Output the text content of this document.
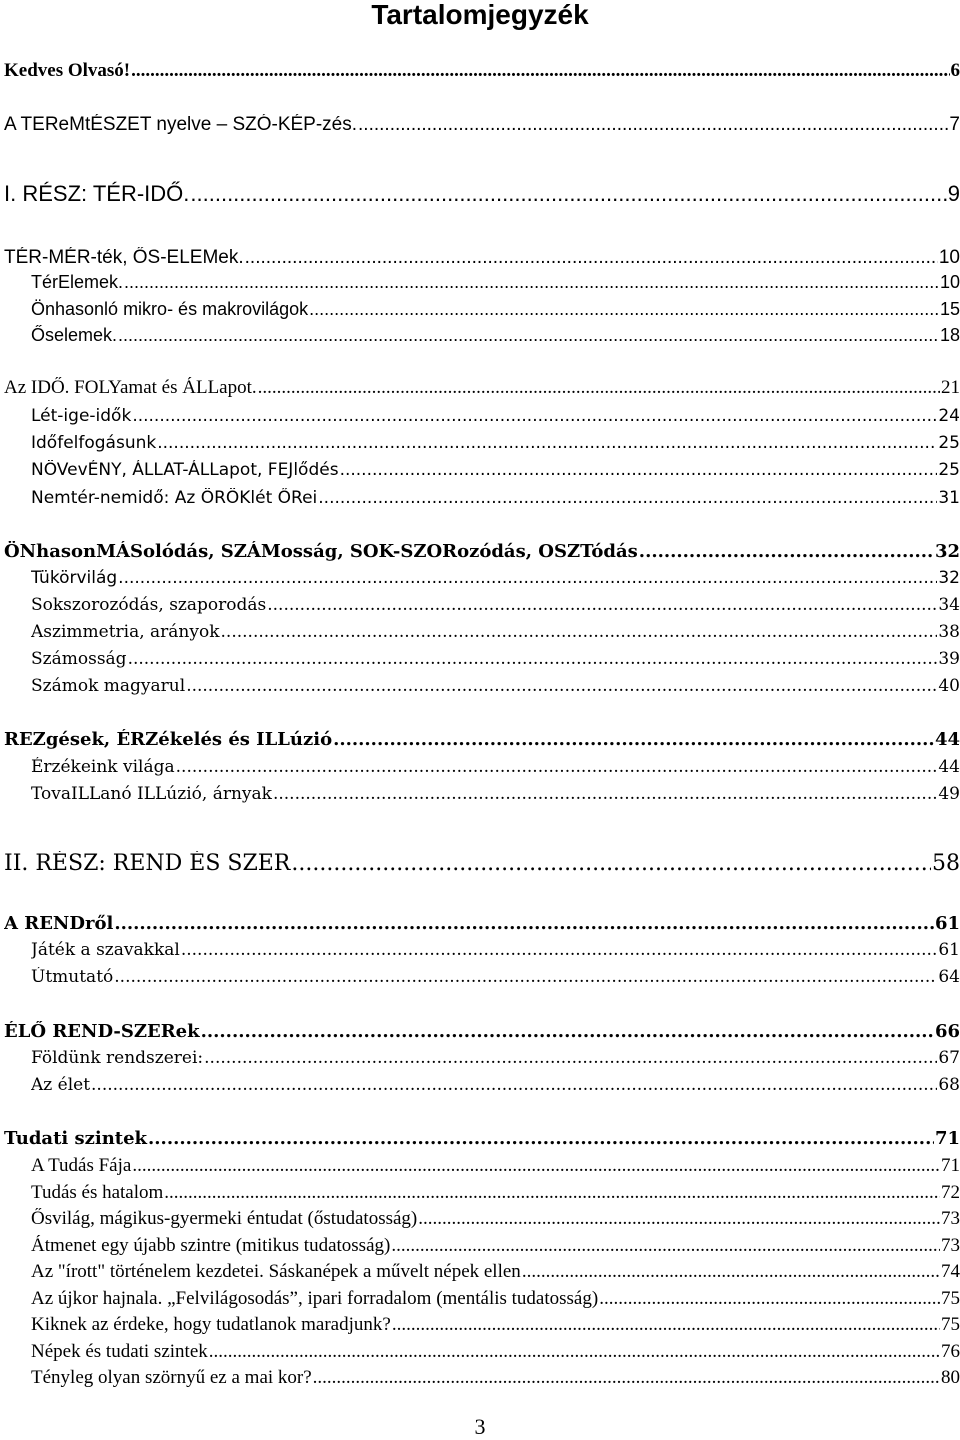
Tartalomjegyzék
Kedves Olvasó! .....	6
A TEReMtÉSZET nyelve – SZÓ-KÉP-zés. .....	7
I. RÉSZ: TÉR-IDŐ. .....	9
TÉR-MÉR-ték, ŐS-ELEMek. .....	10
TérElemek. .....	10
Önhasonló mikro- és makrovilágok .....	15
Őselemek. .....	18
Az IDŐ. FOLYamat és ÁLLapot. .....	21
Lét-ige-idők .....	24
Időfelfogásunk .....	25
NÖVevÉNY, ÁLLAT-ÁLLapot, FEJlődés .....	25
Nemtér-nemidő: Az ÖRÖKlét ŐRei .....	31
ÖNhasonMÁSolódás, SZÁMosság, SOK-SZORozódás, OSZTódás .....	32
Tükörvilág .....	32
Sokszorozódás, szaporodás .....	34
Aszimmetria, arányok .....	38
Számosság .....	39
Számok magyarul .....	40
REZgések, ÉRZékelés és ILLúzió .....	44
Érzékeink világa .....	44
TovaILLanó ILLúzió, árnyak .....	49
II. RÉSZ: REND ÉS SZER .....	58
A RENDről .....	61
Játék a szavakkal .....	61
Útmutató .....	64
ÉLŐ REND-SZERek .....	66
Földünk rendszerei: .....	67
Az élet .....	68
Tudati szintek .....	71
A Tudás Fája .....	71
Tudás és hatalom .....	72
Ősvilág, mágikus-gyermeki éntudat (őstudatosság) .....	73
Átmenet egy újabb szintre (mitikus tudatosság) .....	73
Az "írott" történelem kezdetei. Sáskanépek a művelt népek ellen .....	74
Az újkor hajnala. „Felvilágosodás”, ipari forradalom (mentális tudatosság) .....	75
Kiknek az érdeke, hogy tudatlanok maradjunk? .....	75
Népek és tudati szintek .....	76
Tényleg olyan szörnyű ez a mai kor? .....	80
3
